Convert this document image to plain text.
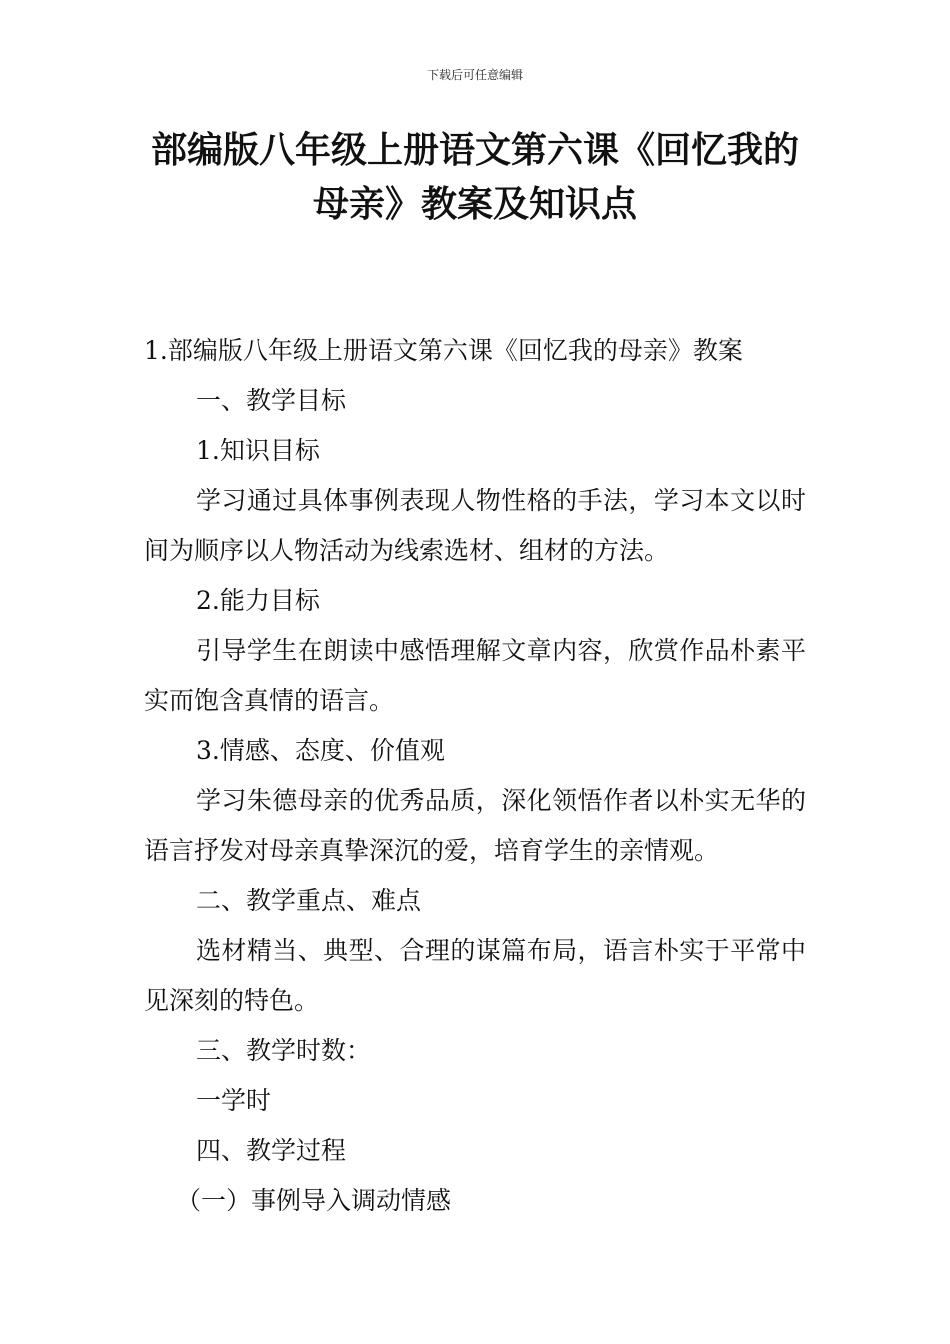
下载后可任意编辑
部编版八年级上册语文第六课《回忆我的
母亲》教案及知识点

1.部编版八年级上册语文第六课《回忆我的母亲》教案

一、教学目标

1.知识目标

学习通过具体事例表现人物性格的手法，学习本文以时间为顺序以人物活动为线索选材、组材的方法。

2.能力目标

引导学生在朗读中感悟理解文章内容，欣赏作品朴素平实而饱含真情的语言。

3.情感、态度、价值观

学习朱德母亲的优秀品质，深化领悟作者以朴实无华的语言抒发对母亲真挚深沉的爱，培育学生的亲情观。

二、教学重点、难点

选材精当、典型、合理的谋篇布局，语言朴实于平常中见深刻的特色。

三、教学时数：

一学时

四、教学过程

（一）事例导入调动情感
